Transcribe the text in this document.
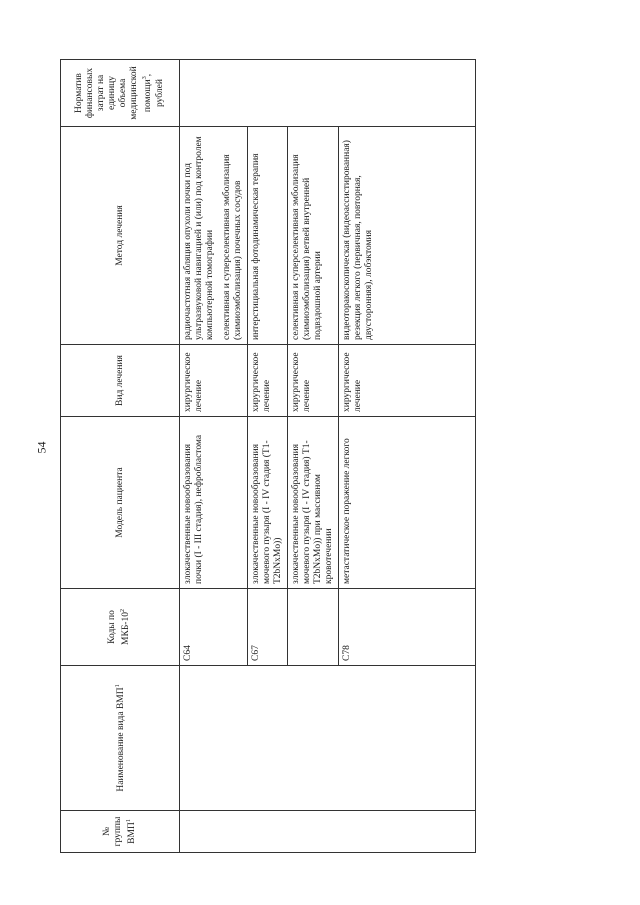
54
№ группы ВМП$^1$	Наименование вида ВМП$^1$	Коды по МКБ-$10^2$	Модель пациента	Вид лечения	Метод лечения	Норматив финансовых затрат на единицу объема медицинской помощи$^3$, рублей
		C64	злокачественные новообразования почки (I - III стадия), нефробластома	хирургическое лечение	радиочастотная абляция опухоли почки под ультразвуковой навигацией и (или) под контролем компьютерной томографии селективная и суперселективная эмболизация (химиоэмболизация) почечных сосудов	

		C67	злокачественные новообразования мочевого пузыря (I - IV стадия (T1-T2bNxMo))	хирургическое лечение	интерстициальная фотодинамическая терапия	
			злокачественные новообразования мочевого пузыря (I - IV стадия) T1-T2bNxMo)) при массивном кровотечении	хирургическое лечение	селективная и суперселективная эмболизация (химиоэмболизация) ветвей внутренней подвздошной артерии	
		C78	метастатическое поражение легкого	хирургическое лечение	видеоторакоскопическая (видеоассистированная) резекция легкого (первичная, повторная, двусторонняя), лобэктомия	
